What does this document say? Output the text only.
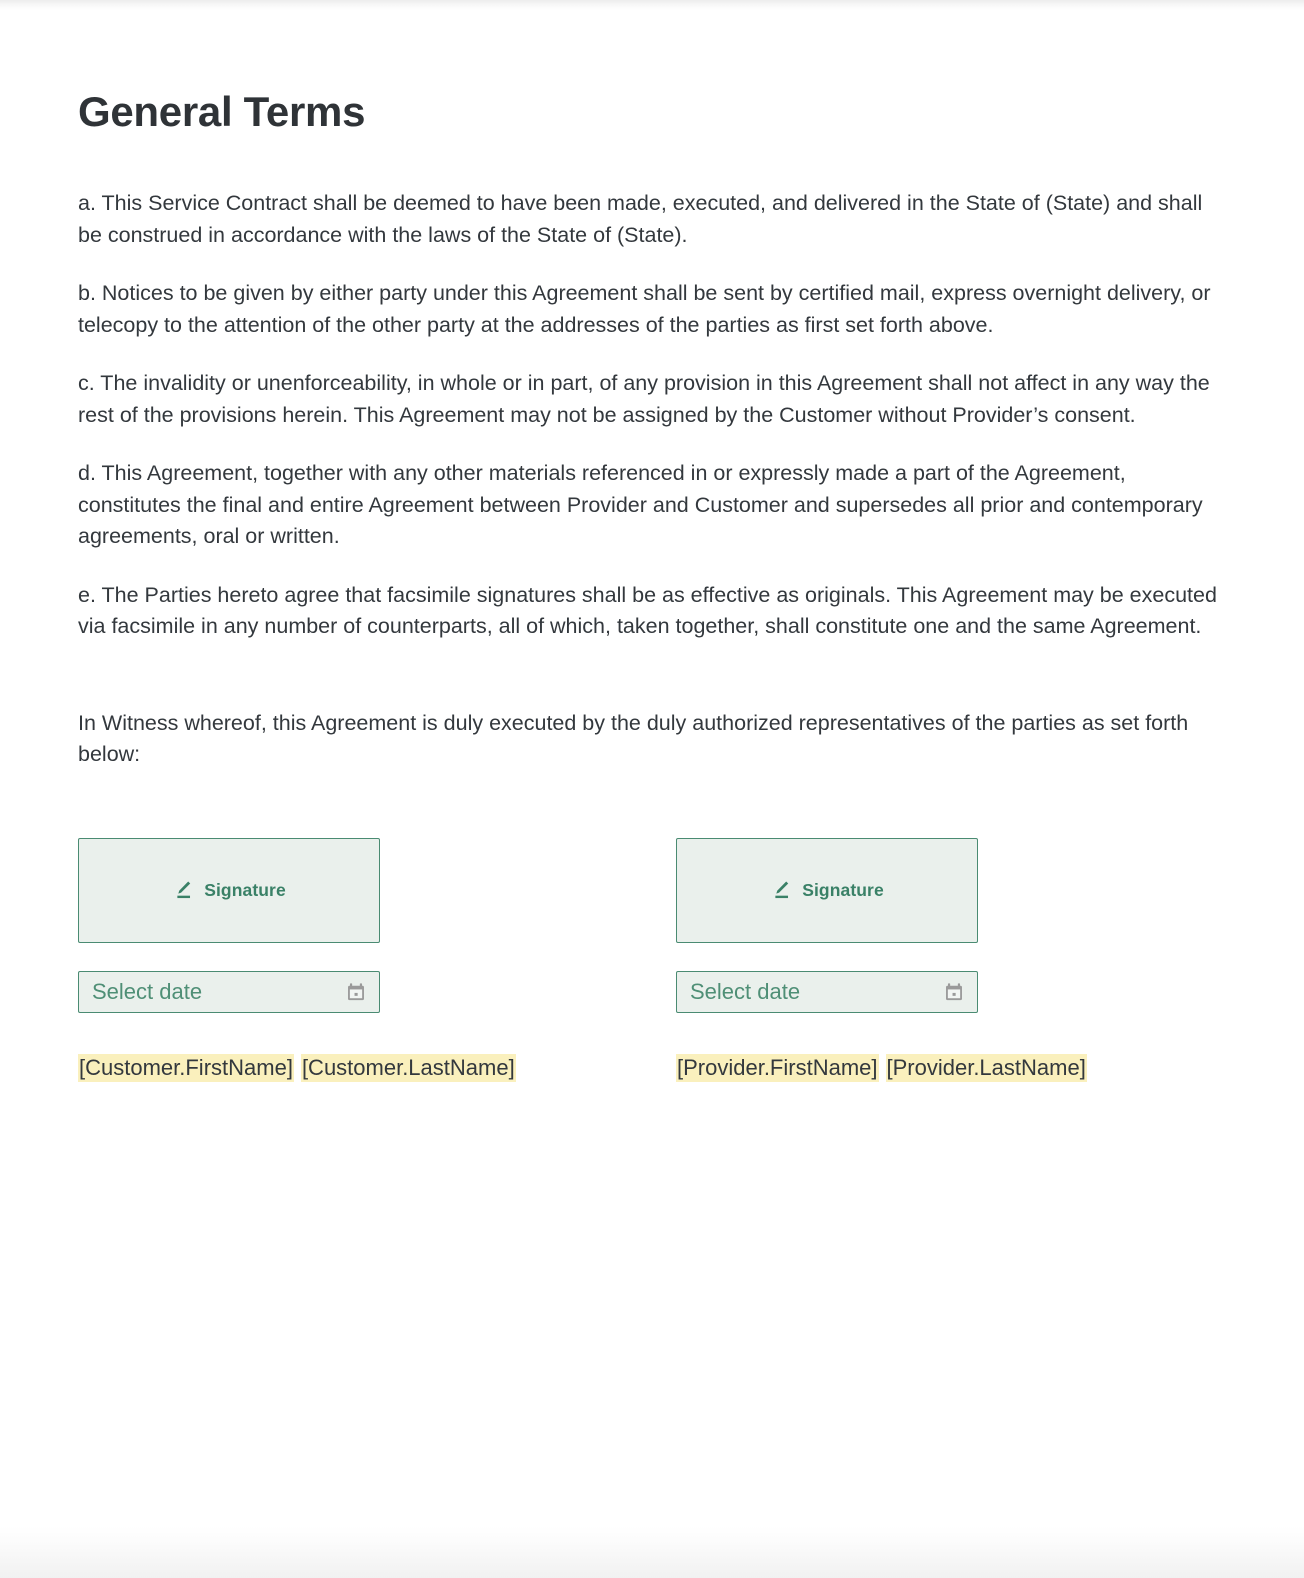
General Terms

a. This Service Contract shall be deemed to have been made, executed, and delivered in the State of (State) and shall be construed in accordance with the laws of the State of (State).

b. Notices to be given by either party under this Agreement shall be sent by certified mail, express overnight delivery, or telecopy to the attention of the other party at the addresses of the parties as first set forth above.

c. The invalidity or unenforceability, in whole or in part, of any provision in this Agreement shall not affect in any way the rest of the provisions herein. This Agreement may not be assigned by the Customer without Provider’s consent.

d. This Agreement, together with any other materials referenced in or expressly made a part of the Agreement, constitutes the final and entire Agreement between Provider and Customer and supersedes all prior and contemporary agreements, oral or written.

e. The Parties hereto agree that facsimile signatures shall be as effective as originals. This Agreement may be executed via facsimile in any number of counterparts, all of which, taken together, shall constitute one and the same Agreement.

In Witness whereof, this Agreement is duly executed by the duly authorized representatives of the parties as set forth below:

Signature
Select date
[Customer.FirstName] [Customer.LastName]
Signature
Select date
[Provider.FirstName] [Provider.LastName]
